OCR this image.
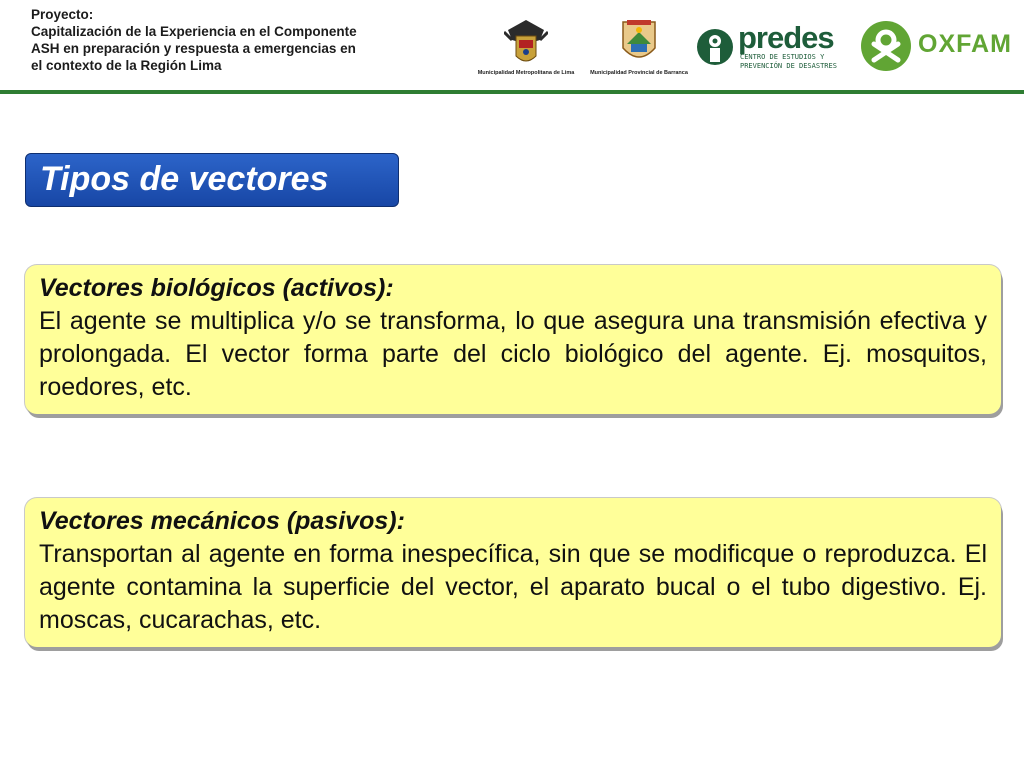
Proyecto:
Capitalización de la Experiencia en el Componente
ASH en preparación y respuesta a emergencias en
el contexto de la Región Lima	Municipalidad Metropolitana de Lima	Municipalidad Provincial de Barranca
predes
CENTRO DE ESTUDIOS Y
PREVENCIÓN DE DESASTRES
OXFAM
Tipos de vectores

Vectores biológicos (activos):

El agente se multiplica y/o se transforma, lo que asegura una transmisión efectiva y prolongada. El vector forma parte del ciclo biológico del agente. Ej. mosquitos, roedores, etc.

Vectores mecánicos (pasivos):

Transportan al agente en forma inespecífica, sin que se modificque o reproduzca. El agente contamina la superficie del vector, el aparato bucal o el tubo digestivo. Ej. moscas, cucarachas, etc.
